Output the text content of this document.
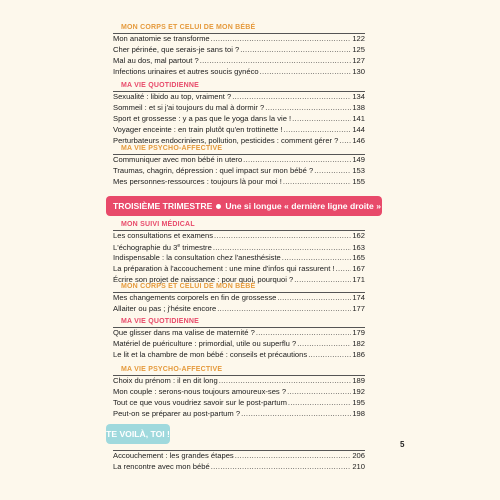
MON CORPS ET CELUI DE MON BÉBÉ
Mon anatomie se transforme .....	122
Cher périnée, que serais-je sans toi ? .....	125
Mal au dos, mal partout ? .....	127
Infections urinaires et autres soucis gynéco .....	130
MA VIE QUOTIDIENNE
Sexualité : libido au top, vraiment ? .....	134
Sommeil : et si j'ai toujours du mal à dormir ? .....	138
Sport et grossesse : y a pas que le yoga dans la vie ! .....	141
Voyager enceinte : en train plutôt qu'en trottinette ! .....	144
Perturbateurs endocriniens, pollution, pesticides : comment gérer ? ..... 146
MA VIE PSYCHO-AFFECTIVE
Communiquer avec mon bébé in utero .....	149
Traumas, chagrin, dépression : quel impact sur mon bébé ? .....	153
Mes personnes-ressources : toujours là pour moi ! .....	155
TROISIÈME TRIMESTRE Une si longue « dernière ligne droite »
MON SUIVI MÉDICAL
Les consultations et examens .....	162
L'échographie du 3e trimestre .....	163
Indispensable : la consultation chez l'anesthésiste .....	165
La préparation à l'accouchement : une mine d'infos qui rassurent ! ..... 167
Écrire son projet de naissance : pour quoi, pourquoi ? .....	171
MON CORPS ET CELUI DE MON BÉBÉ
Mes changements corporels en fin de grossesse .....	174
Allaiter ou pas ; j'hésite encore .....	177
MA VIE QUOTIDIENNE
Que glisser dans ma valise de maternité ? .....	179
Matériel de puériculture : primordial, utile ou superflu ? .....	182
Le lit et la chambre de mon bébé : conseils et précautions .....	186
MA VIE PSYCHO-AFFECTIVE
Choix du prénom : il en dit long .....	189
Mon couple : serons-nous toujours amoureux-ses ? .....	192
Tout ce que vous voudriez savoir sur le post-partum .....	195
Peut-on se préparer au post-partum ? .....	198
TE VOILÀ, TOI !
Accouchement : les grandes étapes .....	206
La rencontre avec mon bébé .....	210
5
